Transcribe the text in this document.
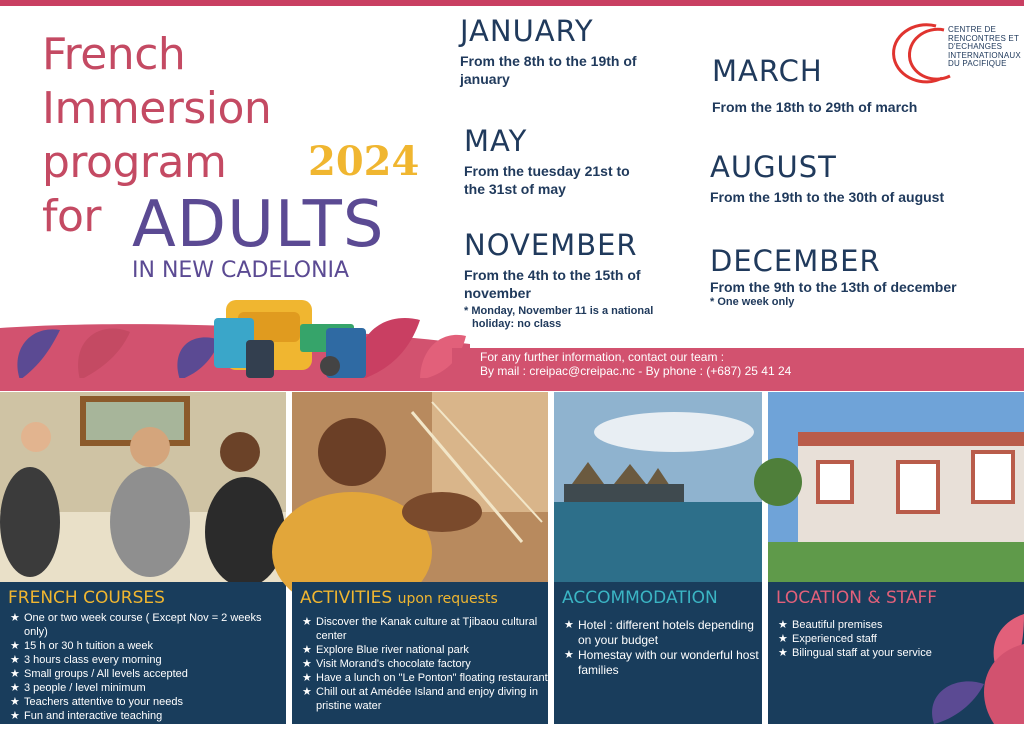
French
Immersion
program
for
2024
ADULTS
IN NEW CADELONIA
JANUARY
From the 8th to the 19th of january	MARCH
From the 18th to 29th of march
MAY
From the tuesday 21st to
the 31st of may
AUGUST
From the 19th to the 30th of august
NOVEMBER
From the 4th to the 15th of
november
* Monday, November 11 is a national
holiday: no class
DECEMBER
From the 9th to the 13th of december
* One week only
CENTRE DE
RENCONTRES ET
D'ECHANGES
INTERNATIONAUX
DU PACIFIQUE
For any further information, contact our team :
By mail : creipac@creipac.nc - By phone : (+687) 25 41 24
FRENCH COURSES
★ One or two week course ( Except Nov = 2 weeks only)
★ 15 h or 30 h tuition a week
★ 3 hours class every morning
★ Small groups / All levels accepted
★ 3 people / level minimum
★ Teachers attentive to your needs
★ Fun and interactive teaching
★ Focus on NC culture and environment
ACTIVITIES upon requests
★ Discover the Kanak culture at Tjibaou cultural center
★ Explore Blue river national park
★ Visit Morand's chocolate factory
★ Have a lunch on "Le Ponton" floating restaurant
★ Chill out at Amédée Island and enjoy diving in pristine water
ACCOMMODATION
★ Hotel : different hotels depending on your budget
★ Homestay with our wonderful host families
LOCATION & STAFF
★ Beautiful premises
★ Experienced staff
★ Bilingual staff at your service
